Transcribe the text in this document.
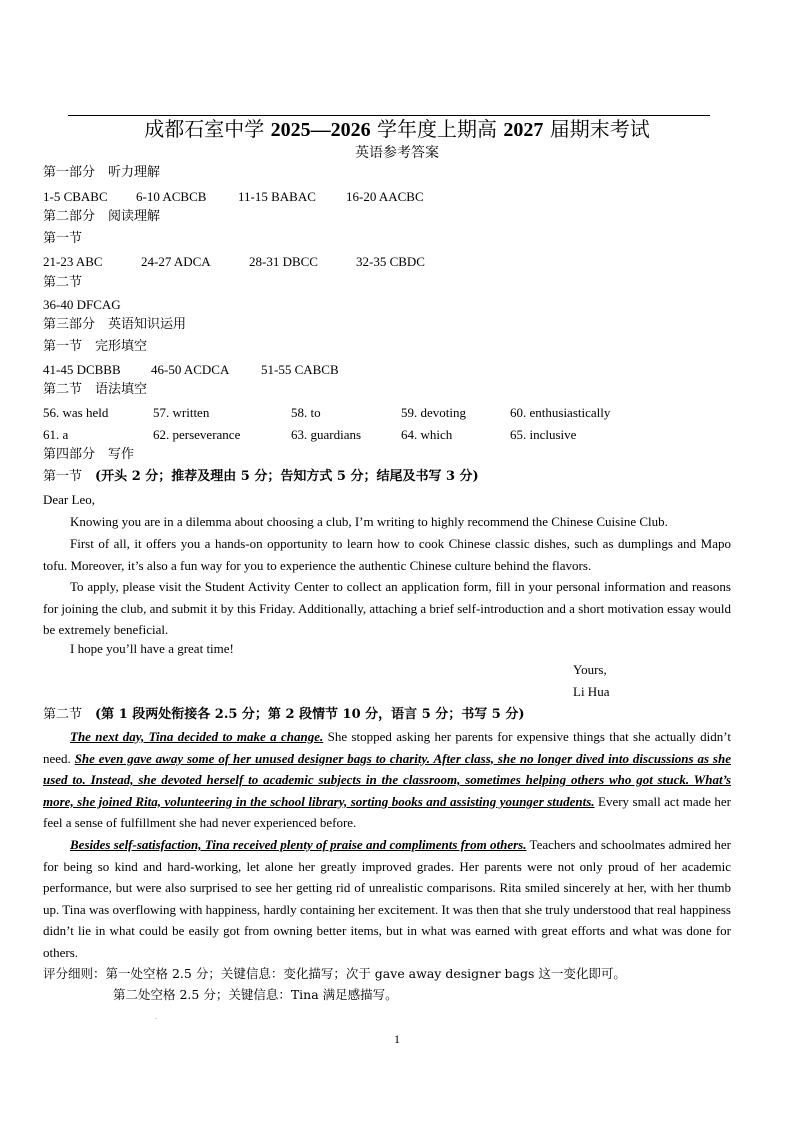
成都石室中学 2025—2026 学年度上期高 2027 届期末考试
英语参考答案
第一部分　听力理解
1-5 CBABC 6-10 ACBCB 11-15 BABAC 16-20 AACBC
第二部分　阅读理解
第一节
21-23 ABC	24-27 ADCA	28-31 DBCC	32-35 CBDC
第二节
36-40 DFCAG
第三部分　英语知识运用
第一节　完形填空
41-45 DCBBB 46-50 ACDCA 51-55 CABCB
第二节　语法填空
56. was held	57. written	58. to	59. devoting	60. enthusiastically
61. a	62. perseverance	63. guardians	64. which	65. inclusive
第四部分　写作
第一节　(开头 2 分；推荐及理由 5 分；告知方式 5 分；结尾及书写 3 分)
Dear Leo,
Knowing you are in a dilemma about choosing a club, I’m writing to highly recommend the Chinese Cuisine Club.
First of all, it offers you a hands-on opportunity to learn how to cook Chinese classic dishes, such as dumplings and Mapo tofu. Moreover, it’s also a fun way for you to experience the authentic Chinese culture behind the flavors.
To apply, please visit the Student Activity Center to collect an application form, fill in your personal information and reasons for joining the club, and submit it by this Friday. Additionally, attaching a brief self-introduction and a short motivation essay would be extremely beneficial.
I hope you’ll have a great time!
Yours,
Li Hua
第二节　(第 1 段两处衔接各 2.5 分；第 2 段情节 10 分，语言 5 分；书写 5 分)
The next day, Tina decided to make a change. She stopped asking her parents for expensive things that she actually didn’t need. She even gave away some of her unused designer bags to charity. After class, she no longer dived into discussions as she used to. Instead, she devoted herself to academic subjects in the classroom, sometimes helping others who got stuck. What’s more, she joined Rita, volunteering in the school library, sorting books and assisting younger students. Every small act made her feel a sense of fulfillment she had never experienced before.
Besides self-satisfaction, Tina received plenty of praise and compliments from others. Teachers and schoolmates admired her for being so kind and hard-working, let alone her greatly improved grades. Her parents were not only proud of her academic performance, but were also surprised to see her getting rid of unrealistic comparisons. Rita smiled sincerely at her, with her thumb up. Tina was overflowing with happiness, hardly containing her excitement. It was then that she truly understood that real happiness didn’t lie in what could be easily got from owning better items, but in what was earned with great efforts and what was done for others.
评分细则：第一处空格 2.5 分；关键信息：变化描写；次于 gave away designer bags 这一变化即可。
第二处空格 2.5 分；关键信息：Tina 满足感描写。
·
1
